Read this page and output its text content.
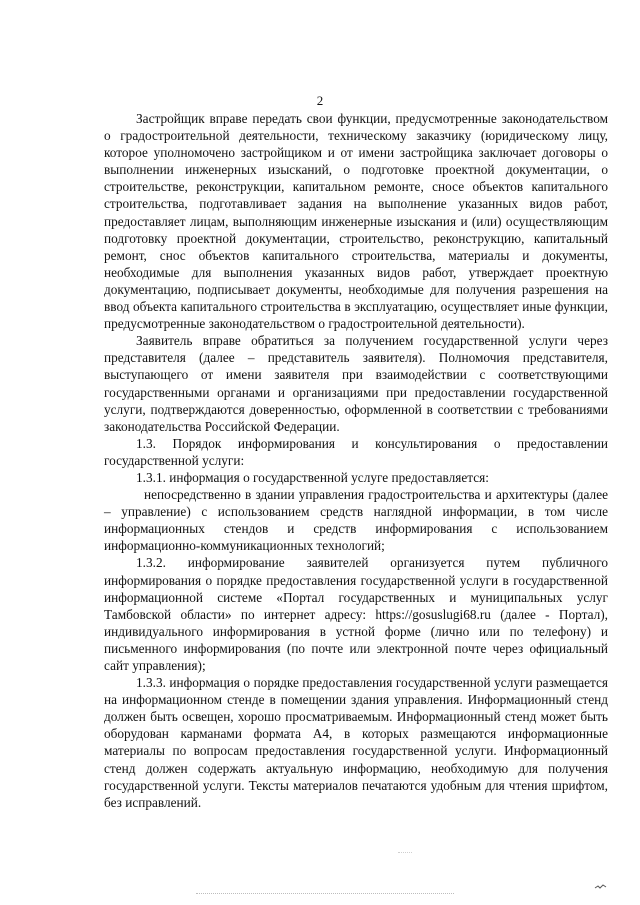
2

Застройщик вправе передать свои функции, предусмотренные законодательством о градостроительной деятельности, техническому заказчику (юридическому лицу, которое уполномочено застройщиком и от имени застройщика заключает договоры о выполнении инженерных изысканий, о подготовке проектной документации, о строительстве, реконструкции, капитальном ремонте, сносе объектов капитального строительства, подготавливает задания на выполнение указанных видов работ, предоставляет лицам, выполняющим инженерные изыскания и (или) осуществляющим подготовку проектной документации, строительство, реконструкцию, капитальный ремонт, снос объектов капитального строительства, материалы и документы, необходимые для выполнения указанных видов работ, утверждает проектную документацию, подписывает документы, необходимые для получения разрешения на ввод объекта капитального строительства в эксплуатацию, осуществляет иные функции, предусмотренные законодательством о градостроительной деятельности).

Заявитель вправе обратиться за получением государственной услуги через представителя (далее – представитель заявителя). Полномочия представителя, выступающего от имени заявителя при взаимодействии с соответствующими государственными органами и организациями при предоставлении государственной услуги, подтверждаются доверенностью, оформленной в соответствии с требованиями законодательства Российской Федерации.

1.3. Порядок информирования и консультирования о предоставлении государственной услуги:

1.3.1. информация о государственной услуге предоставляется:

непосредственно в здании управления градостроительства и архитектуры (далее – управление) с использованием средств наглядной информации, в том числе информационных стендов и средств информирования с использованием информационно-коммуникационных технологий;

1.3.2. информирование заявителей организуется путем публичного информирования о порядке предоставления государственной услуги в государственной информационной системе «Портал государственных и муниципальных услуг Тамбовской области» по интернет адресу: https://gosuslugi68.ru (далее - Портал), индивидуального информирования в устной форме (лично или по телефону) и письменного информирования (по почте или электронной почте через официальный сайт управления);

1.3.3. информация о порядке предоставления государственной услуги размещается на информационном стенде в помещении здания управления. Информационный стенд должен быть освещен, хорошо просматриваемым. Информационный стенд может быть оборудован карманами формата А4, в которых размещаются информационные материалы по вопросам предоставления государственной услуги. Информационный стенд должен содержать актуальную информацию, необходимую для получения государственной услуги. Тексты материалов печатаются удобным для чтения шрифтом, без исправлений.
